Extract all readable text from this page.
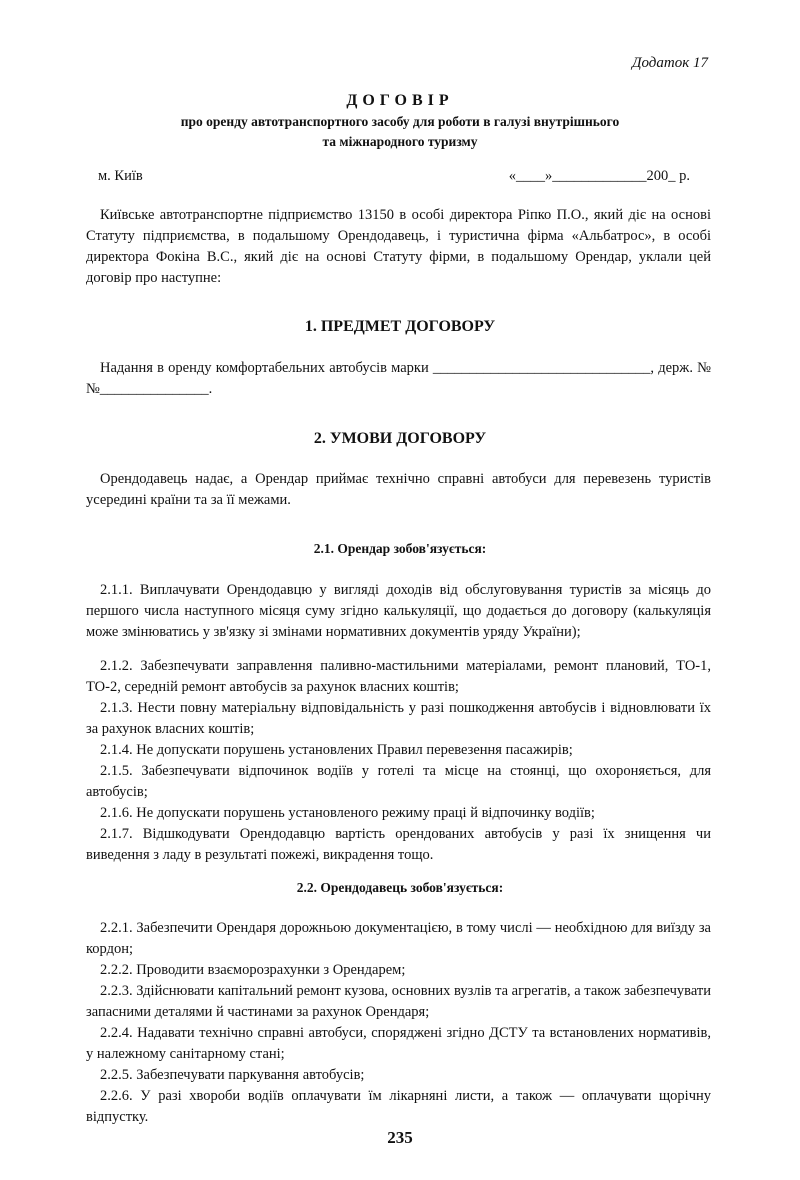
Додаток 17
ДОГОВІР
про оренду автотранспортного засобу для роботи в галузі внутрішнього
та міжнародного туризму
м. Київ	«____»_____________200_ р.

Київське автотранспортне підприємство 13150 в особі директора Ріпко П.О., який діє на основі Статуту підприємства, в подальшому Орендодавець, і туристична фірма «Альбатрос», в особі директора Фокіна В.С., який діє на основі Статуту фірми, в подальшому Орендар, уклали цей договір про наступне:

1. ПРЕДМЕТ ДОГОВОРУ

Надання в оренду комфортабельних автобусів марки ______________________________, держ. №№_______________.

2. УМОВИ ДОГОВОРУ

Орендодавець надає, а Орендар приймає технічно справні автобуси для перевезень туристів усередині країни та за її межами.

2.1. Орендар зобов'язується:

2.1.1. Виплачувати Орендодавцю у вигляді доходів від обслуговування туристів за місяць до першого числа наступного місяця суму згідно калькуляції, що додається до договору (калькуляція може змінюватись у зв'язку зі змінами нормативних документів уряду України);

2.1.2. Забезпечувати заправлення паливно-мастильними матеріалами, ремонт плановий, ТО-1, ТО-2, середній ремонт автобусів за рахунок власних коштів;

2.1.3. Нести повну матеріальну відповідальність у разі пошкодження автобусів і відновлювати їх за рахунок власних коштів;

2.1.4. Не допускати порушень установлених Правил перевезення пасажирів;

2.1.5. Забезпечувати відпочинок водіїв у готелі та місце на стоянці, що охороняється, для автобусів;

2.1.6. Не допускати порушень установленого режиму праці й відпочинку водіїв;

2.1.7. Відшкодувати Орендодавцю вартість орендованих автобусів у разі їх знищення чи виведення з ладу в результаті пожежі, викрадення тощо.

2.2. Орендодавець зобов'язується:

2.2.1. Забезпечити Орендаря дорожньою документацією, в тому числі — необхідною для виїзду за кордон;

2.2.2. Проводити взаєморозрахунки з Орендарем;

2.2.3. Здійснювати капітальний ремонт кузова, основних вузлів та агрегатів, а також забезпечувати запасними деталями й частинами за рахунок Орендаря;

2.2.4. Надавати технічно справні автобуси, споряджені згідно ДСТУ та встановлених нормативів, у належному санітарному стані;

2.2.5. Забезпечувати паркування автобусів;

2.2.6. У разі хвороби водіїв оплачувати їм лікарняні листи, а також — оплачувати щорічну відпустку.

235
